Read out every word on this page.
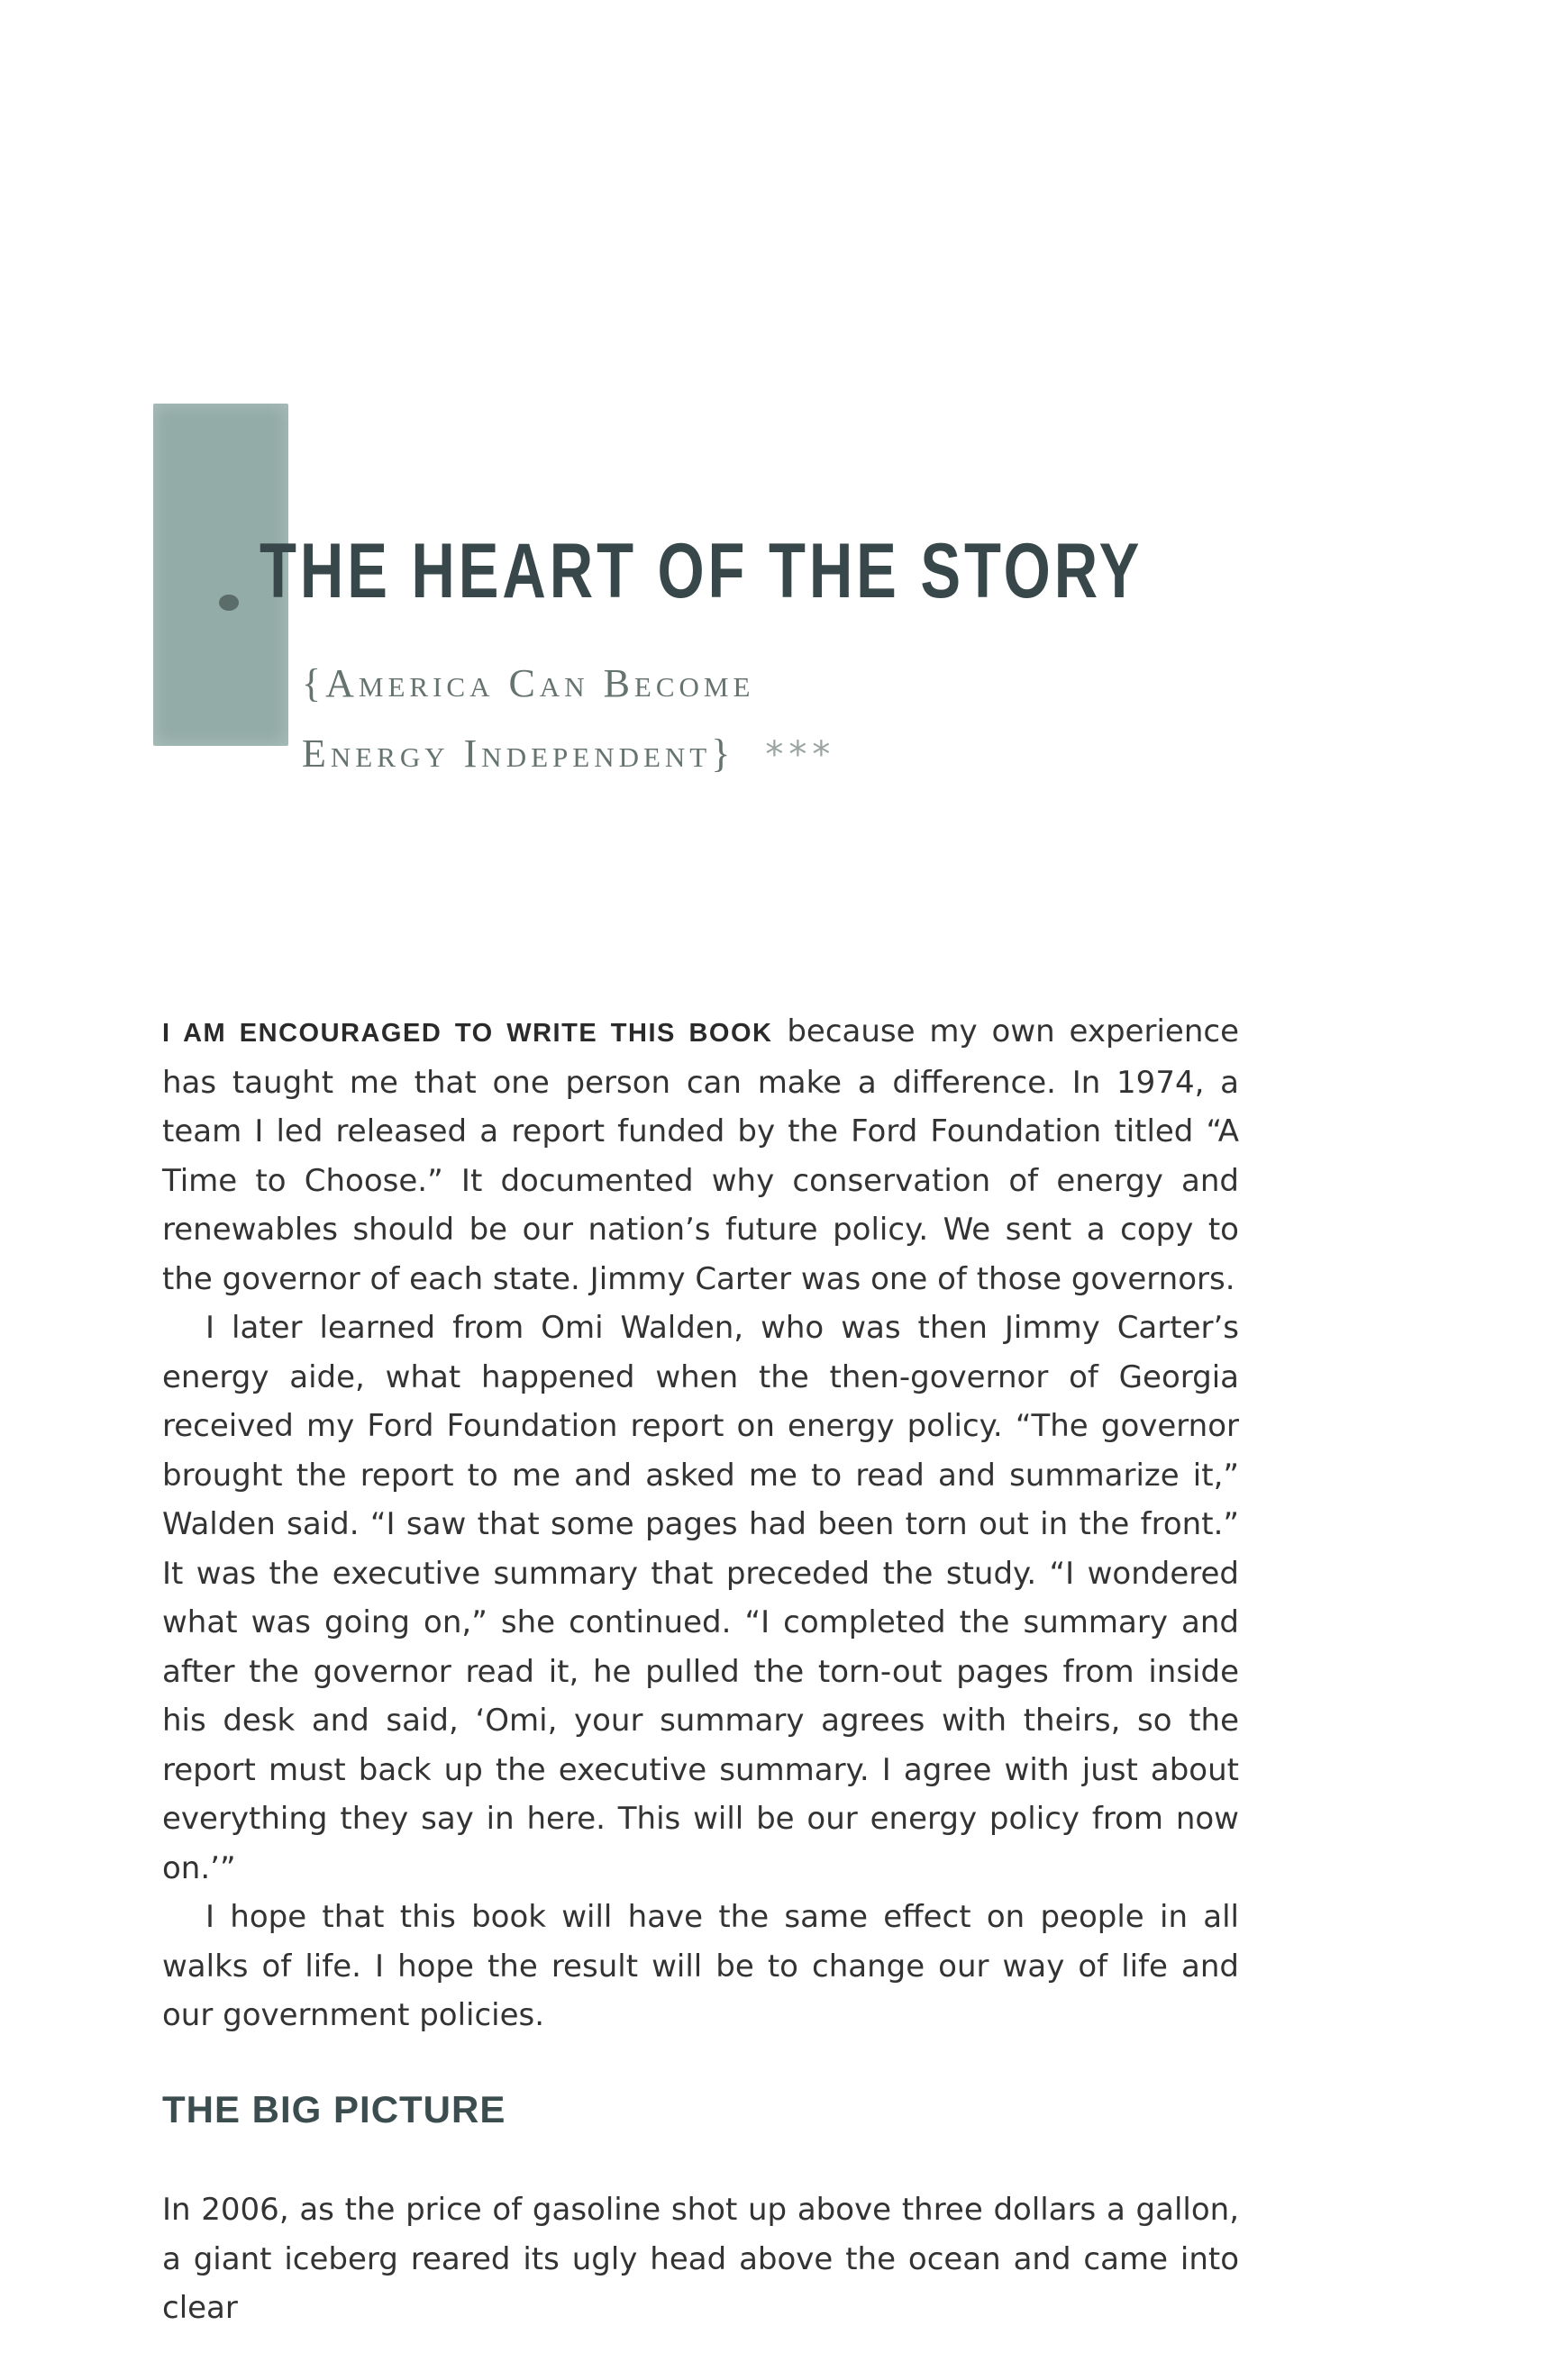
THE HEART OF THE STORY
{America Can Become
Energy Independent} ***

I AM ENCOURAGED TO WRITE THIS BOOK because my own experience has taught me that one person can make a difference. In 1974, a team I led released a report funded by the Ford Foundation titled “A Time to Choose.” It documented why conservation of energy and renewables should be our nation’s future policy. We sent a copy to the governor of each state. Jimmy Carter was one of those governors.

I later learned from Omi Walden, who was then Jimmy Carter’s energy aide, what happened when the then-governor of Georgia received my Ford Foundation report on energy policy. “The governor brought the report to me and asked me to read and summarize it,” Walden said. “I saw that some pages had been torn out in the front.” It was the executive summary that preceded the study. “I wondered what was going on,” she continued. “I completed the summary and after the governor read it, he pulled the torn-out pages from inside his desk and said, ‘Omi, your summary agrees with theirs, so the report must back up the executive summary. I agree with just about everything they say in here. This will be our energy policy from now on.’”

I hope that this book will have the same effect on people in all walks of life. I hope the result will be to change our way of life and our government policies.

THE BIG PICTURE

In 2006, as the price of gasoline shot up above three dollars a gallon, a giant iceberg reared its ugly head above the ocean and came into clear
